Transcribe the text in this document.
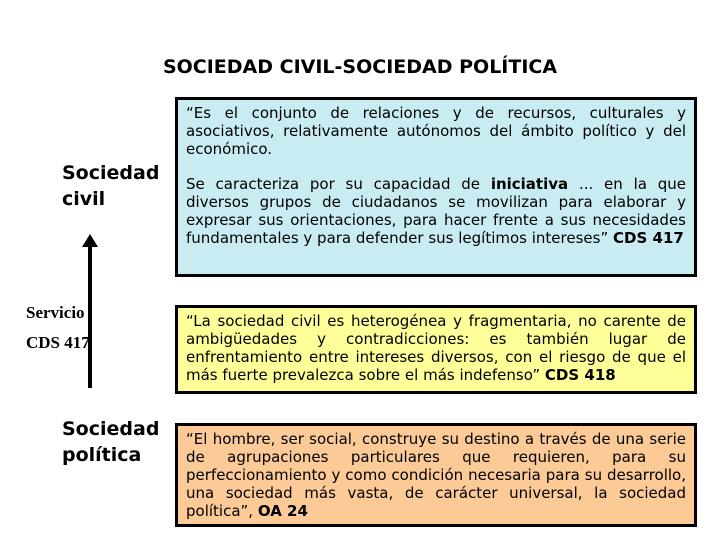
SOCIEDAD CIVIL-SOCIEDAD POLÍTICA
Sociedad civil
Servicio
CDS 417
Sociedad política

“Es el conjunto de relaciones y de recursos, culturales y asociativos, relativamente autónomos del ámbito político y del económico.

Se caracteriza por su capacidad de iniciativa ... en la que diversos grupos de ciudadanos se movilizan para elaborar y expresar sus orientaciones, para hacer frente a sus necesidades fundamentales y para defender sus legítimos intereses” CDS 417

“La sociedad civil es heterogénea y fragmentaria, no carente de ambigüedades y contradicciones: es también lugar de enfrentamiento entre intereses diversos, con el riesgo de que el más fuerte prevalezca sobre el más indefenso” CDS 418

“El hombre, ser social, construye su destino a través de una serie de agrupaciones particulares que requieren, para su perfeccionamiento y como condición necesaria para su desarrollo, una sociedad más vasta, de carácter universal, la sociedad política”, OA 24
